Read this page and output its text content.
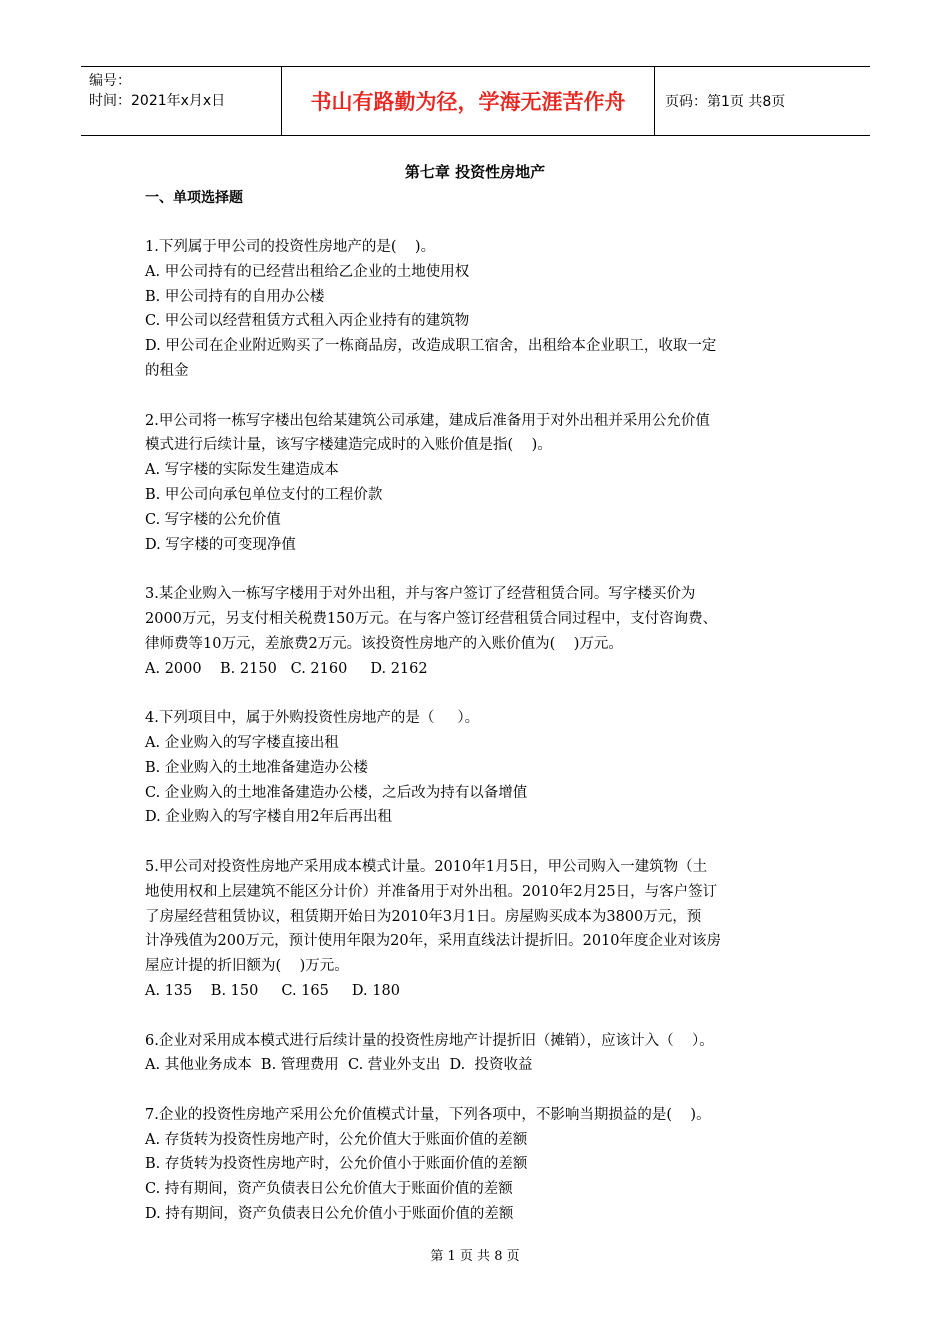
编号：
时间：2021年x月x日	书山有路勤为径，学海无涯苦作舟	页码：第1页 共8页
第七章 投资性房地产
一、单项选择题
1.下列属于甲公司的投资性房地产的是(    )。
A. 甲公司持有的已经营出租给乙企业的土地使用权
B. 甲公司持有的自用办公楼
C. 甲公司以经营租赁方式租入丙企业持有的建筑物
D. 甲公司在企业附近购买了一栋商品房，改造成职工宿舍，出租给本企业职工，收取一定
的租金
2.甲公司将一栋写字楼出包给某建筑公司承建，建成后准备用于对外出租并采用公允价值
模式进行后续计量，该写字楼建造完成时的入账价值是指(    )。
A. 写字楼的实际发生建造成本
B. 甲公司向承包单位支付的工程价款
C. 写字楼的公允价值
D. 写字楼的可变现净值
3.某企业购入一栋写字楼用于对外出租，并与客户签订了经营租赁合同。写字楼买价为
2000万元，另支付相关税费150万元。在与客户签订经营租赁合同过程中，支付咨询费、
律师费等10万元，差旅费2万元。该投资性房地产的入账价值为(    )万元。
A. 2000    B. 2150   C. 2160     D. 2162
4.下列项目中，属于外购投资性房地产的是（     ）。
A. 企业购入的写字楼直接出租
B. 企业购入的土地准备建造办公楼
C. 企业购入的土地准备建造办公楼，之后改为持有以备增值
D. 企业购入的写字楼自用2年后再出租
5.甲公司对投资性房地产采用成本模式计量。2010年1月5日，甲公司购入一建筑物（土
地使用权和上层建筑不能区分计价）并准备用于对外出租。2010年2月25日，与客户签订
了房屋经营租赁协议，租赁期开始日为2010年3月1日。房屋购买成本为3800万元，预
计净残值为200万元，预计使用年限为20年，采用直线法计提折旧。2010年度企业对该房
屋应计提的折旧额为(    )万元。
A. 135    B. 150     C. 165     D. 180
6.企业对采用成本模式进行后续计量的投资性房地产计提折旧（摊销），应该计入（    ）。
A. 其他业务成本  B. 管理费用  C. 营业外支出  D.  投资收益
7.企业的投资性房地产采用公允价值模式计量，下列各项中，不影响当期损益的是(    )。
A. 存货转为投资性房地产时，公允价值大于账面价值的差额
B. 存货转为投资性房地产时，公允价值小于账面价值的差额
C. 持有期间，资产负债表日公允价值大于账面价值的差额
D. 持有期间，资产负债表日公允价值小于账面价值的差额
第 1 页 共 8 页
